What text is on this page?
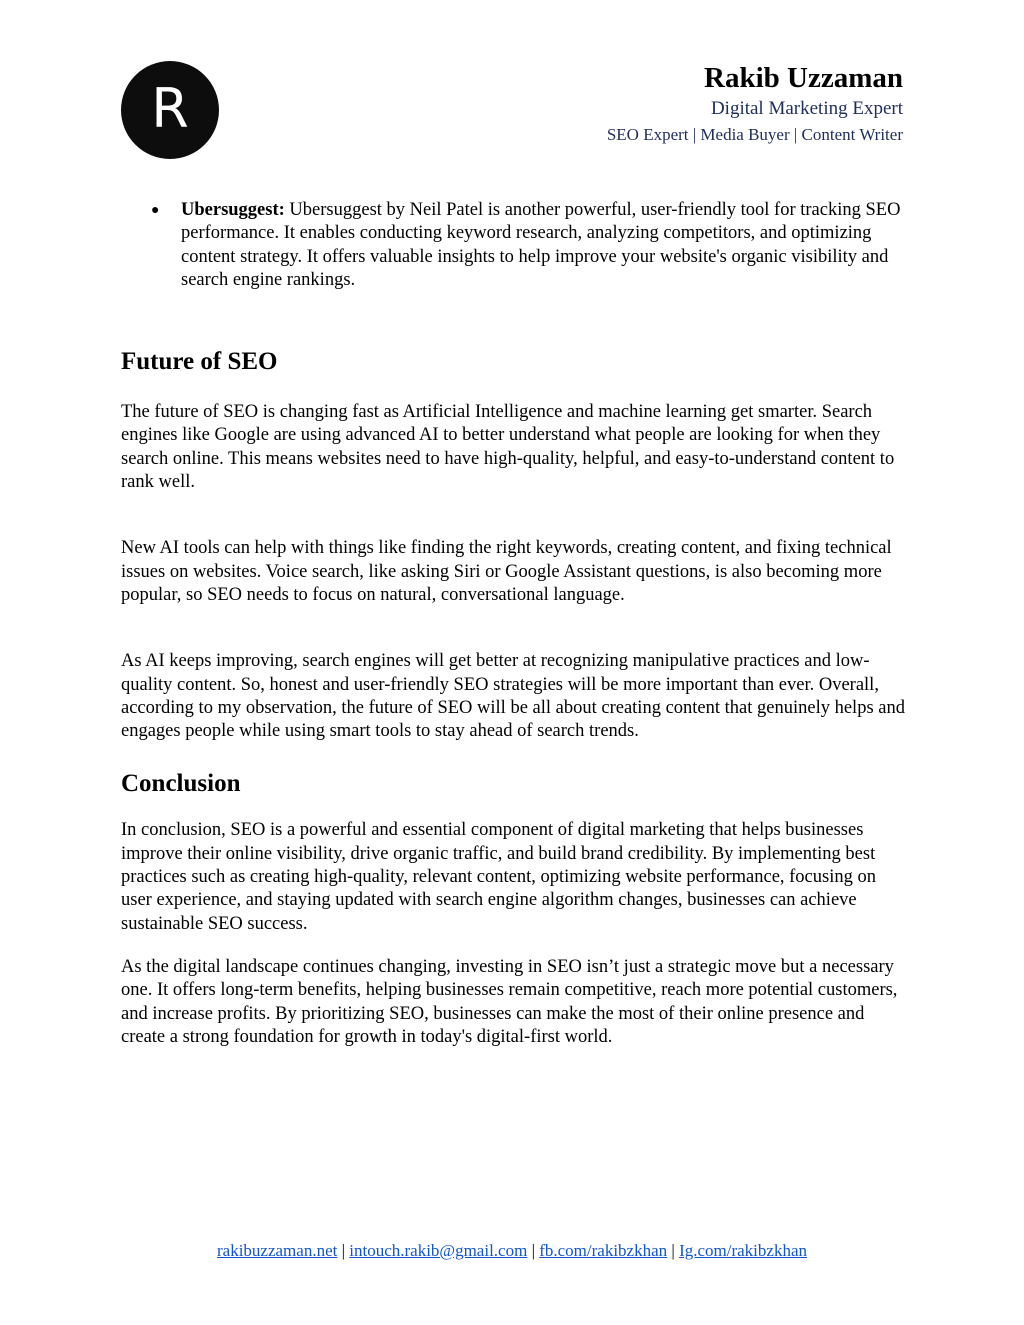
R	Rakib Uzzaman
Digital Marketing Expert
SEO Expert | Media Buyer | Content Writer
● Ubersuggest: Ubersuggest by Neil Patel is another powerful, user-friendly tool for tracking SEO performance. It enables conducting keyword research, analyzing competitors, and optimizing content strategy. It offers valuable insights to help improve your website's organic visibility and search engine rankings.
Future of SEO

The future of SEO is changing fast as Artificial Intelligence and machine learning get smarter. Search engines like Google are using advanced AI to better understand what people are looking for when they search online. This means websites need to have high-quality, helpful, and easy-to-understand content to rank well.

New AI tools can help with things like finding the right keywords, creating content, and fixing technical issues on websites. Voice search, like asking Siri or Google Assistant questions, is also becoming more popular, so SEO needs to focus on natural, conversational language.

As AI keeps improving, search engines will get better at recognizing manipulative practices and low-quality content. So, honest and user-friendly SEO strategies will be more important than ever. Overall, according to my observation, the future of SEO will be all about creating content that genuinely helps and engages people while using smart tools to stay ahead of search trends.

Conclusion

In conclusion, SEO is a powerful and essential component of digital marketing that helps businesses improve their online visibility, drive organic traffic, and build brand credibility. By implementing best practices such as creating high-quality, relevant content, optimizing website performance, focusing on user experience, and staying updated with search engine algorithm changes, businesses can achieve sustainable SEO success.

As the digital landscape continues changing, investing in SEO isn’t just a strategic move but a necessary one. It offers long-term benefits, helping businesses remain competitive, reach more potential customers, and increase profits. By prioritizing SEO, businesses can make the most of their online presence and create a strong foundation for growth in today's digital-first world.

rakibuzzaman.net | intouch.rakib@gmail.com | fb.com/rakibzkhan | Ig.com/rakibzkhan
